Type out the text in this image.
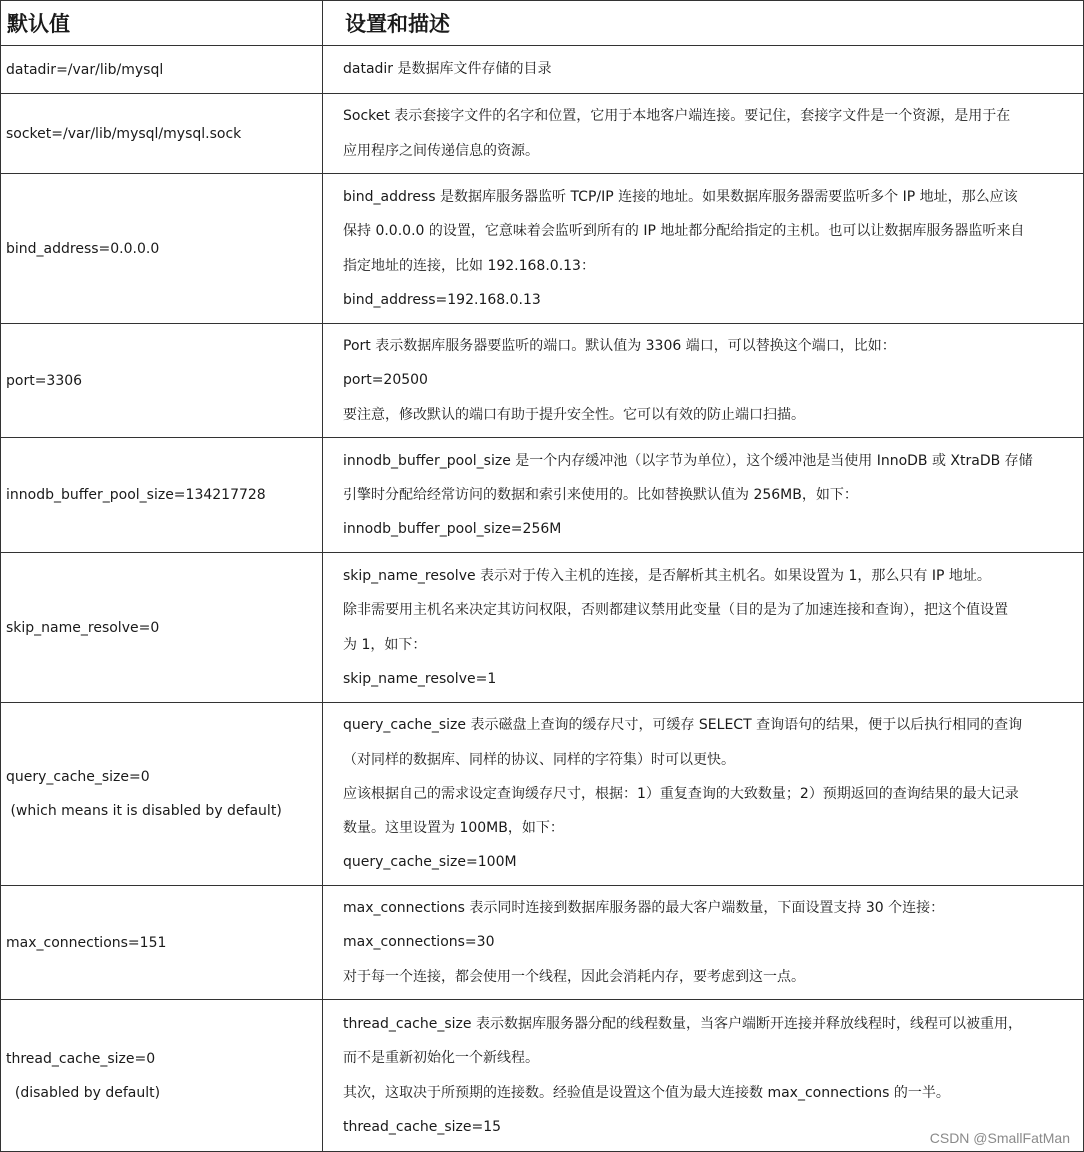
默认值	设置和描述

datadir=/var/lib/mysql	datadir 是数据库文件存储的目录

socket=/var/lib/mysql/mysql.sock	Socket 表示套接字文件的名字和位置，它用于本地客户端连接。要记住，套接字文件是一个资源，是用于在
应用程序之间传递信息的资源。

bind_address=0.0.0.0	bind_address 是数据库服务器监听 TCP/IP 连接的地址。如果数据库服务器需要监听多个 IP 地址，那么应该
保持 0.0.0.0 的设置，它意味着会监听到所有的 IP 地址都分配给指定的主机。也可以让数据库服务器监听来自
指定地址的连接，比如 192.168.0.13：
bind_address=192.168.0.13

port=3306	Port 表示数据库服务器要监听的端口。默认值为 3306 端口，可以替换这个端口，比如：
port=20500
要注意，修改默认的端口有助于提升安全性。它可以有效的防止端口扫描。

innodb_buffer_pool_size=134217728	innodb_buffer_pool_size 是一个内存缓冲池（以字节为单位），这个缓冲池是当使用 InnoDB 或 XtraDB 存储
引擎时分配给经常访问的数据和索引来使用的。比如替换默认值为 256MB，如下：
innodb_buffer_pool_size=256M

skip_name_resolve=0	skip_name_resolve 表示对于传入主机的连接，是否解析其主机名。如果设置为 1，那么只有 IP 地址。
除非需要用主机名来决定其访问权限，否则都建议禁用此变量（目的是为了加速连接和查询），把这个值设置
为 1，如下：
skip_name_resolve=1

query_cache_size=0
(which means it is disabled by default)	query_cache_size 表示磁盘上查询的缓存尺寸，可缓存 SELECT 查询语句的结果，便于以后执行相同的查询
（对同样的数据库、同样的协议、同样的字符集）时可以更快。
应该根据自己的需求设定查询缓存尺寸，根据：1）重复查询的大致数量；2）预期返回的查询结果的最大记录
数量。这里设置为 100MB，如下：
query_cache_size=100M

max_connections=151	max_connections 表示同时连接到数据库服务器的最大客户端数量，下面设置支持 30 个连接：
max_connections=30
对于每一个连接，都会使用一个线程，因此会消耗内存，要考虑到这一点。

thread_cache_size=0
(disabled by default)	thread_cache_size 表示数据库服务器分配的线程数量，当客户端断开连接并释放线程时，线程可以被重用，
而不是重新初始化一个新线程。
其次，这取决于所预期的连接数。经验值是设置这个值为最大连接数 max_connections 的一半。
thread_cache_size=15
CSDN @SmallFatMan
